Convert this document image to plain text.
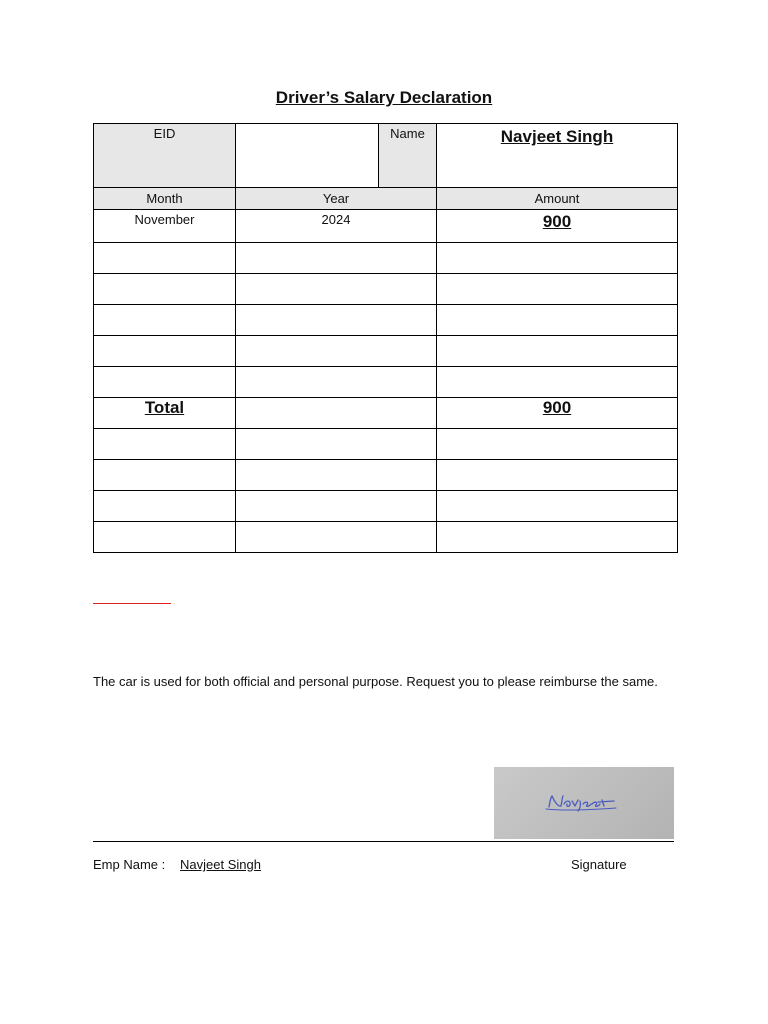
Driver’s Salary Declaration
EID		Name	Navjeet Singh

Month	Year		Amount
November	2024		900

Total			900

The car is used for both official and personal purpose. Request you to please reimburse the same.
Emp Name : Navjeet Singh	Signature
